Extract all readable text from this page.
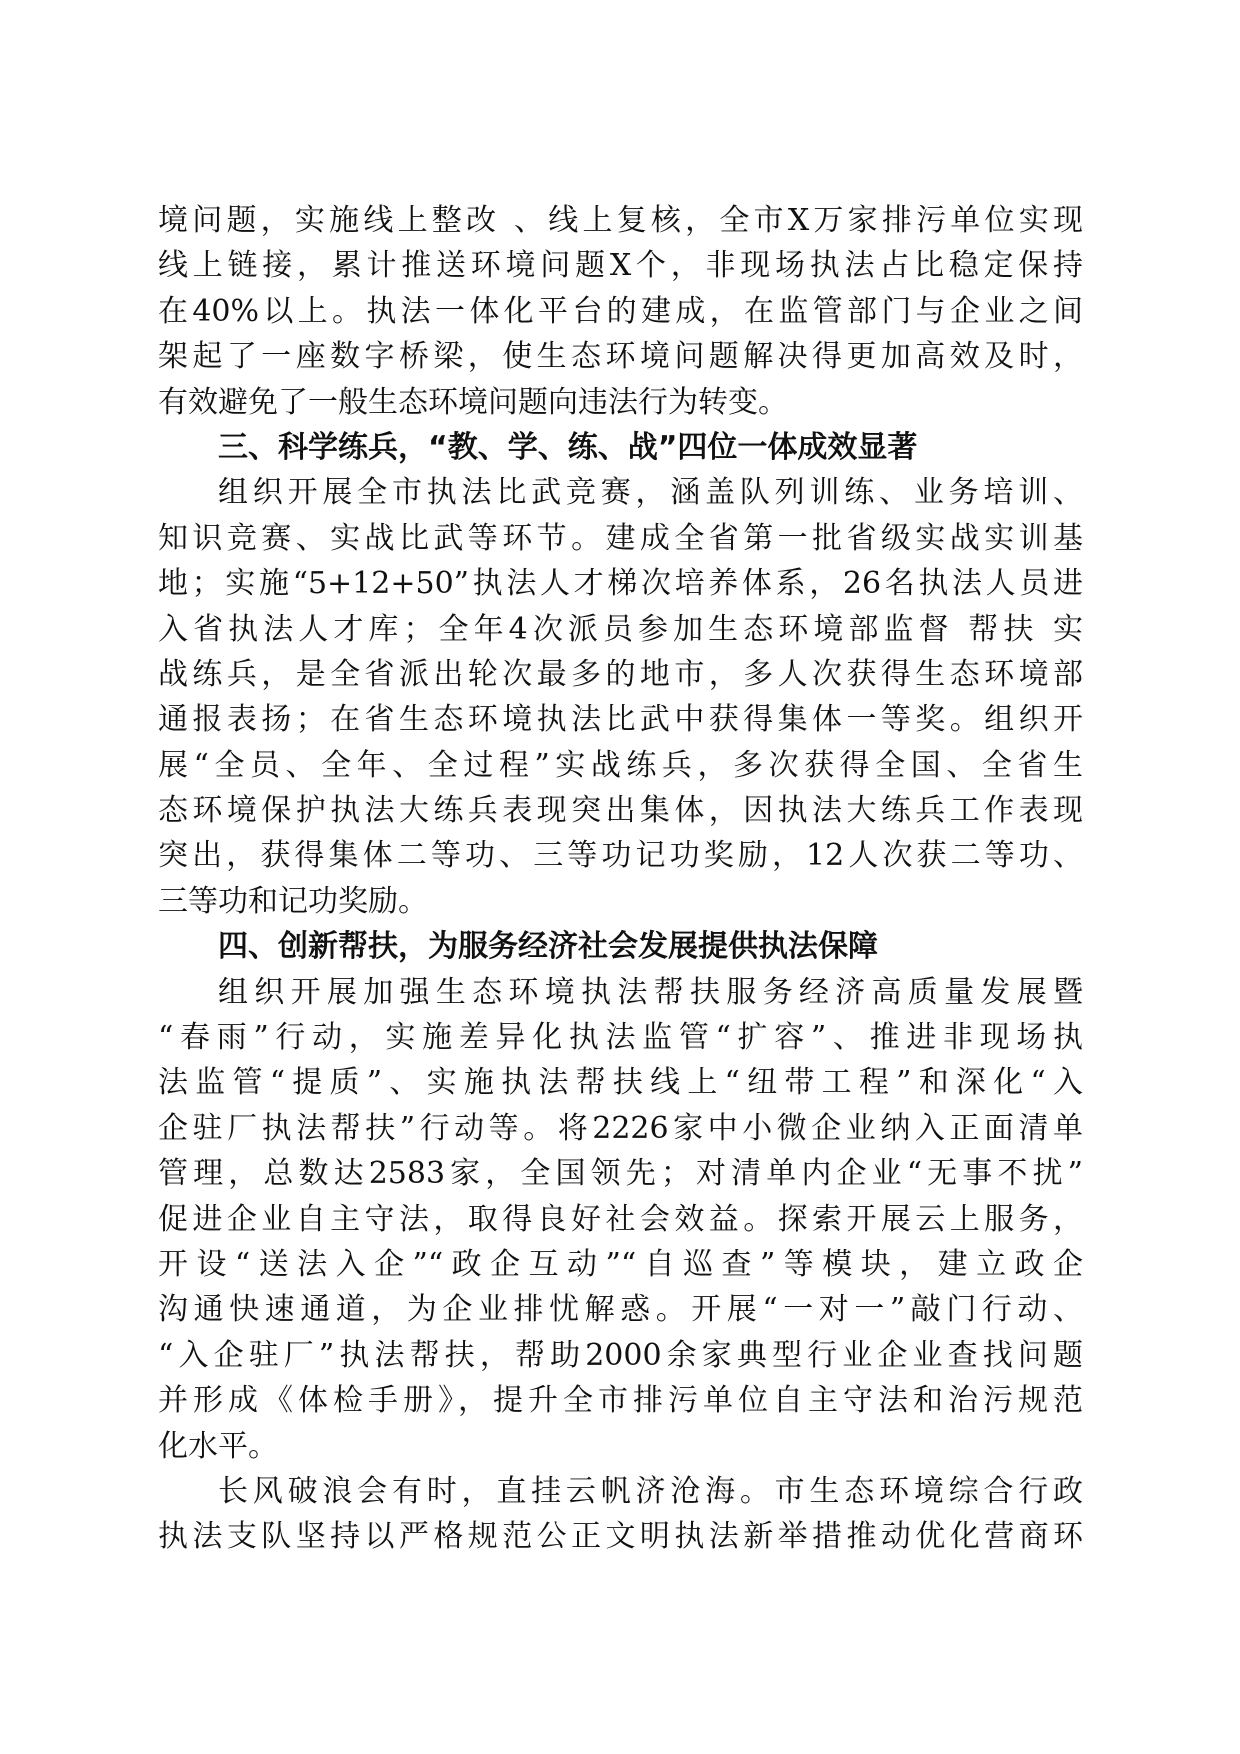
境问题，实施线上整改 、线上复核，全市X万家排污单位实现
线上链接，累计推送环境问题X个，非现场执法占比稳定保持
在40%以上。执法一体化平台的建成，在监管部门与企业之间
架起了一座数字桥梁，使生态环境问题解决得更加高效及时，
有效避免了一般生态环境问题向违法行为转变。
三、科学练兵，“教、学、练、战”四位一体成效显著
组织开展全市执法比武竞赛，涵盖队列训练、业务培训、
知识竞赛、实战比武等环节。建成全省第一批省级实战实训基
地；实施“5+12+50”执法人才梯次培养体系，26名执法人员进
入省执法人才库；全年4次派员参加生态环境部监督 帮扶 实
战练兵，是全省派出轮次最多的地市，多人次获得生态环境部
通报表扬；在省生态环境执法比武中获得集体一等奖。组织开
展“全员、全年、全过程”实战练兵，多次获得全国、全省生
态环境保护执法大练兵表现突出集体，因执法大练兵工作表现
突出，获得集体二等功、三等功记功奖励，12人次获二等功、
三等功和记功奖励。
四、创新帮扶，为服务经济社会发展提供执法保障
组织开展加强生态环境执法帮扶服务经济高质量发展暨
“春雨”行动，实施差异化执法监管“扩容”、推进非现场执
法监管“提质”、实施执法帮扶线上“纽带工程”和深化“入
企驻厂执法帮扶”行动等。将2226家中小微企业纳入正面清单
管理，总数达2583家，全国领先；对清单内企业“无事不扰”
促进企业自主守法，取得良好社会效益。探索开展云上服务，
开设“送法入企”“政企互动”“自巡查”等模块，建立政企
沟通快速通道，为企业排忧解惑。开展“一对一”敲门行动、
“入企驻厂”执法帮扶，帮助2000余家典型行业企业查找问题
并形成《体检手册》，提升全市排污单位自主守法和治污规范
化水平。
长风破浪会有时，直挂云帆济沧海。市生态环境综合行政
执法支队坚持以严格规范公正文明执法新举措推动优化营商环
